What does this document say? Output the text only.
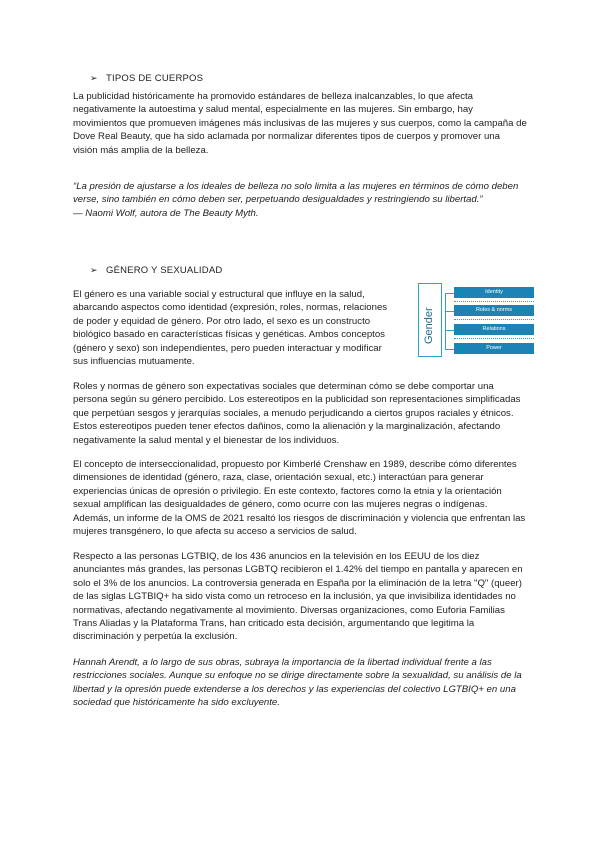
➢ TIPOS DE CUERPOS

La publicidad históricamente ha promovido estándares de belleza inalcanzables, lo que afecta negativamente la autoestima y salud mental, especialmente en las mujeres. Sin embargo, hay movimientos que promueven imágenes más inclusivas de las mujeres y sus cuerpos, como la campaña de Dove Real Beauty, que ha sido aclamada por normalizar diferentes tipos de cuerpos y promover una visión más amplia de la belleza.

“La presión de ajustarse a los ideales de belleza no solo limita a las mujeres en términos de cómo deben verse, sino también en cómo deben ser, perpetuando desigualdades y restringiendo su libertad.”
— Naomi Wolf, autora de The Beauty Myth.
➢ GÉNERO Y SEXUALIDAD

El género es una variable social y estructural que influye en la salud, abarcando aspectos como identidad (expresión, roles, normas, relaciones de poder y equidad de género. Por otro lado, el sexo es un constructo biológico basado en características físicas y genéticas. Ambos conceptos (género y sexo) son independientes, pero pueden interactuar y modificar sus influencias mutuamente.

Gender
Identity
Roles & norms
Relations
Power

Roles y normas de género son expectativas sociales que determinan cómo se debe comportar una persona según su género percibido. Los estereotipos en la publicidad son representaciones simplificadas que perpetúan sesgos y jerarquías sociales, a menudo perjudicando a ciertos grupos raciales y étnicos. Estos estereotipos pueden tener efectos dañinos, como la alienación y la marginalización, afectando negativamente la salud mental y el bienestar de los individuos.

El concepto de interseccionalidad, propuesto por Kimberlé Crenshaw en 1989, describe cómo diferentes dimensiones de identidad (género, raza, clase, orientación sexual, etc.) interactúan para generar experiencias únicas de opresión o privilegio. En este contexto, factores como la etnia y la orientación sexual amplifican las desigualdades de género, como ocurre con las mujeres negras o indígenas. Además, un informe de la OMS de 2021 resaltó los riesgos de discriminación y violencia que enfrentan las mujeres transgénero, lo que afecta su acceso a servicios de salud.

Respecto a las personas LGTBIQ, de los 436 anuncios en la televisión en los EEUU de los diez anunciantes más grandes, las personas LGBTQ recibieron el 1.42% del tiempo en pantalla y aparecen en solo el 3% de los anuncios. La controversia generada en España por la eliminación de la letra "Q" (queer) de las siglas LGTBIQ+ ha sido vista como un retroceso en la inclusión, ya que invisibiliza identidades no normativas, afectando negativamente al movimiento. Diversas organizaciones, como Euforia Familias Trans Aliadas y la Plataforma Trans, han criticado esta decisión, argumentando que legitima la discriminación y perpetúa la exclusión.

Hannah Arendt, a lo largo de sus obras, subraya la importancia de la libertad individual frente a las restricciones sociales. Aunque su enfoque no se dirige directamente sobre la sexualidad, su análisis de la libertad y la opresión puede extenderse a los derechos y las experiencias del colectivo LGTBIQ+ en una sociedad que históricamente ha sido excluyente.
